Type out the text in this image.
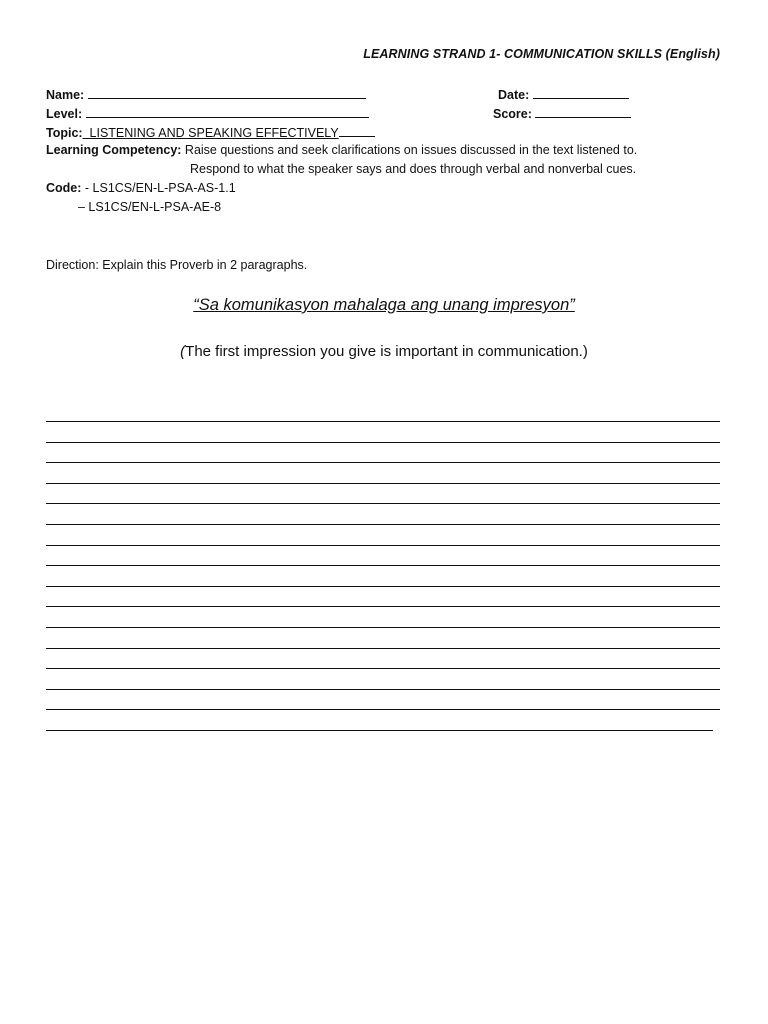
LEARNING STRAND 1- COMMUNICATION SKILLS (English)
Name:	Date:
Level:	Score:
Topic:  LISTENING AND SPEAKING EFFECTIVELY
Learning Competency: Raise questions and seek clarifications on issues discussed in the text listened to.
Respond to what the speaker says and does through verbal and nonverbal cues.
Code: - LS1CS/EN-L-PSA-AS-1.1
– LS1CS/EN-L-PSA-AE-8
Direction: Explain this Proverb in 2 paragraphs.
“Sa komunikasyon mahalaga ang unang impresyon”
(The first impression you give is important in communication.)
